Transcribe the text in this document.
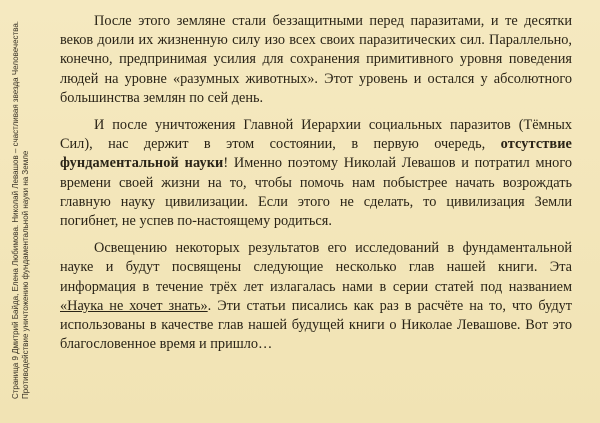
Страница 9 Дмитрий Байда, Елена Любимова. Николай Левашов – счастливая звезда Человечества. Противодействие уничтожению фундаментальной науки на Земле

После этого земляне стали беззащитными перед паразитами, и те десятки веков доили их жизненную силу изо всех своих паразитических сил. Параллельно, конечно, предпринимая усилия для сохранения примитивного уровня поведения людей на уровне «разумных животных». Этот уровень и остался у абсолютного большинства землян по сей день.

И после уничтожения Главной Иерархии социальных паразитов (Тёмных Сил), нас держит в этом состоянии, в первую очередь, отсутствие фундаментальной науки! Именно поэтому Николай Левашов и потратил много времени своей жизни на то, чтобы помочь нам побыстрее начать возрождать главную науку цивилизации. Если этого не сделать, то цивилизация Земли погибнет, не успев по-настоящему родиться.

Освещению некоторых результатов его исследований в фундаментальной науке и будут посвящены следующие несколько глав нашей книги. Эта информация в течение трёх лет излагалась нами в серии статей под названием «Наука не хочет знать». Эти статьи писались как раз в расчёте на то, что будут использованы в качестве глав нашей будущей книги о Николае Левашове. Вот это благословенное время и пришло…
